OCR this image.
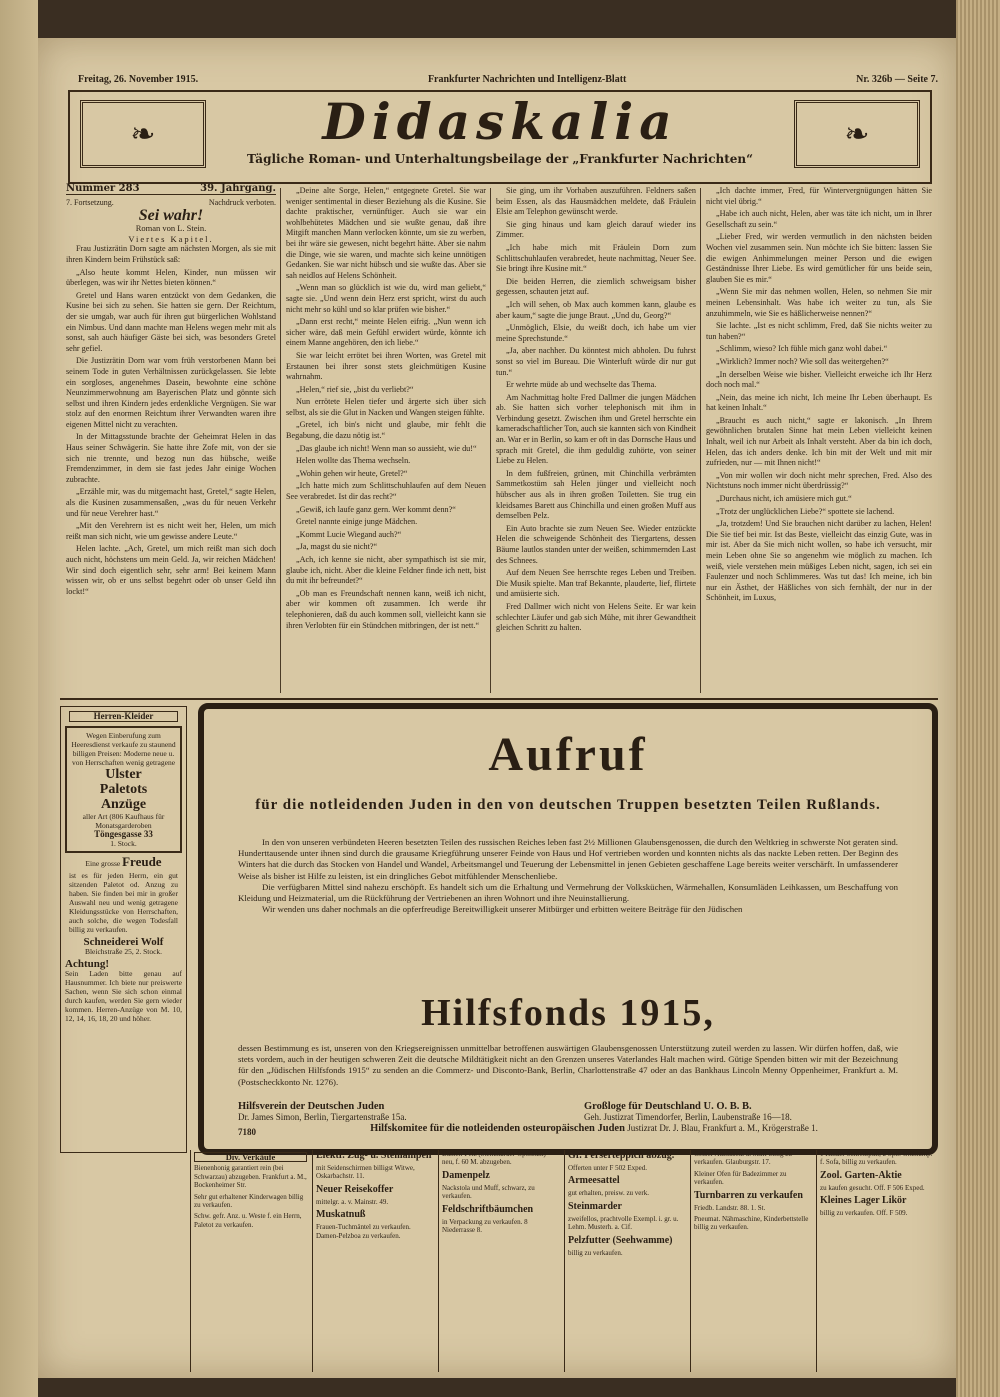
Freitag, 26. November 1915.	Frankfurter Nachrichten und Intelligenz-Blatt	Nr. 326b — Seite 7.
❧	Didaskalia
Tägliche Roman- und Unterhaltungsbeilage der „Frankfurter Nachrichten“
❧
Nummer 283	39. Jahrgang.
7. Fortsetzung.	Nachdruck verboten.
Sei wahr!
Roman von L. Stein.
Viertes Kapitel.

Frau Justizrätin Dorn sagte am nächsten Morgen, als sie mit ihren Kindern beim Frühstück saß:

„Also heute kommt Helen, Kinder, nun müssen wir überlegen, was wir ihr Nettes bieten können.“

Gretel und Hans waren entzückt von dem Gedanken, die Kusine bei sich zu sehen. Sie hatten sie gern. Der Reichtum, der sie umgab, war auch für ihren gut bürgerlichen Wohlstand ein Nimbus. Und dann machte man Helens wegen mehr mit als sonst, sah auch häufiger Gäste bei sich, was besonders Gretel sehr gefiel.

Die Justizrätin Dorn war vom früh verstorbenen Mann bei seinem Tode in guten Verhältnissen zurückgelassen. Sie lebte ein sorgloses, angenehmes Dasein, bewohnte eine schöne Neunzimmerwohnung am Bayerischen Platz und gönnte sich selbst und ihren Kindern jedes erdenkliche Vergnügen. Sie war stolz auf den enormen Reichtum ihrer Verwandten waren ihre eigenen Mittel nicht zu verachten.

In der Mittagsstunde brachte der Geheimrat Helen in das Haus seiner Schwägerin. Sie hatte ihre Zofe mit, von der sie sich nie trennte, und bezog nun das hübsche, weiße Fremdenzimmer, in dem sie fast jedes Jahr einige Wochen zubrachte.

„Erzähle mir, was du mitgemacht hast, Gretel,“ sagte Helen, als die Kusinen zusammensaßen, „was du für neuen Verkehr und für neue Verehrer hast.“

„Mit den Verehrern ist es nicht weit her, Helen, um mich reißt man sich nicht, wie um gewisse andere Leute.“

Helen lachte. „Ach, Gretel, um mich reißt man sich doch auch nicht, höchstens um mein Geld. Ja, wir reichen Mädchen! Wir sind doch eigentlich sehr, sehr arm! Bei keinem Mann wissen wir, ob er uns selbst begehrt oder ob unser Geld ihn lockt!“

„Deine alte Sorge, Helen,“ entgegnete Gretel. Sie war weniger sentimental in dieser Beziehung als die Kusine. Sie dachte praktischer, vernünftiger. Auch sie war ein wohlbehütetes Mädchen und sie wußte genau, daß ihre Mitgift manchen Mann verlocken könnte, um sie zu werben, bei ihr wäre sie gewesen, nicht begehrt hätte. Aber sie nahm die Dinge, wie sie waren, und machte sich keine unnötigen Gedanken. Sie war nicht hübsch und sie wußte das. Aber sie sah neidlos auf Helens Schönheit.

„Wenn man so glücklich ist wie du, wird man geliebt,“ sagte sie. „Und wenn dein Herz erst spricht, wirst du auch nicht mehr so kühl und so klar prüfen wie bisher.“

„Dann erst recht,“ meinte Helen eifrig. „Nun wenn ich sicher wäre, daß mein Gefühl erwidert würde, könnte ich einem Manne angehören, den ich liebe.“

Sie war leicht errötet bei ihren Worten, was Gretel mit Erstaunen bei ihrer sonst stets gleichmütigen Kusine wahrnahm.

„Helen,“ rief sie, „bist du verliebt?“

Nun errötete Helen tiefer und ärgerte sich über sich selbst, als sie die Glut in Nacken und Wangen steigen fühlte.

„Gretel, ich bin's nicht und glaube, mir fehlt die Begabung, die dazu nötig ist.“

„Das glaube ich nicht! Wenn man so aussieht, wie du!“

Helen wollte das Thema wechseln.

„Wohin gehen wir heute, Gretel?“

„Ich hatte mich zum Schlittschuhlaufen auf dem Neuen See verabredet. Ist dir das recht?“

„Gewiß, ich laufe ganz gern. Wer kommt denn?“

Gretel nannte einige junge Mädchen.

„Kommt Lucie Wiegand auch?“

„Ja, magst du sie nicht?“

„Ach, ich kenne sie nicht, aber sympathisch ist sie mir, glaube ich, nicht. Aber die kleine Feldner finde ich nett, bist du mit ihr befreundet?“

„Ob man es Freundschaft nennen kann, weiß ich nicht, aber wir kommen oft zusammen. Ich werde ihr telephonieren, daß du auch kommen soll, vielleicht kann sie ihren Verlobten für ein Stündchen mitbringen, der ist nett.“

Sie ging, um ihr Vorhaben auszuführen. Feldners saßen beim Essen, als das Hausmädchen meldete, daß Fräulein Elsie am Telephon gewünscht werde.

Sie ging hinaus und kam gleich darauf wieder ins Zimmer.

„Ich habe mich mit Fräulein Dorn zum Schlittschuhlaufen verabredet, heute nachmittag, Neuer See. Sie bringt ihre Kusine mit.“

Die beiden Herren, die ziemlich schweigsam bisher gegessen, schauten jetzt auf.

„Ich will sehen, ob Max auch kommen kann, glaube es aber kaum,“ sagte die junge Braut. „Und du, Georg?“

„Unmöglich, Elsie, du weißt doch, ich habe um vier meine Sprechstunde.“

„Ja, aber nachher. Du könntest mich abholen. Du fuhrst sonst so viel im Bureau. Die Winterluft würde dir nur gut tun.“

Er wehrte müde ab und wechselte das Thema.

Am Nachmittag holte Fred Dallmer die jungen Mädchen ab. Sie hatten sich vorher telephonisch mit ihm in Verbindung gesetzt. Zwischen ihm und Gretel herrschte ein kameradschaftlicher Ton, auch sie kannten sich von Kindheit an. War er in Berlin, so kam er oft in das Dornsche Haus und sprach mit Gretel, die ihm geduldig zuhörte, von seiner Liebe zu Helen.

In dem fußfreien, grünen, mit Chinchilla verbrämten Sammetkostüm sah Helen jünger und vielleicht noch hübscher aus als in ihren großen Toiletten. Sie trug ein kleidsames Barett aus Chinchilla und einen großen Muff aus demselben Pelz.

Ein Auto brachte sie zum Neuen See. Wieder entzückte Helen die schweigende Schönheit des Tiergartens, dessen Bäume lautlos standen unter der weißen, schimmernden Last des Schnees.

Auf dem Neuen See herrschte reges Leben und Treiben. Die Musik spielte. Man traf Bekannte, plauderte, lief, flirtete und amüsierte sich.

Fred Dallmer wich nicht von Helens Seite. Er war kein schlechter Läufer und gab sich Mühe, mit ihrer Gewandtheit gleichen Schritt zu halten.

„Ich dachte immer, Fred, für Wintervergnügungen hätten Sie nicht viel übrig.“

„Habe ich auch nicht, Helen, aber was täte ich nicht, um in Ihrer Gesellschaft zu sein.“

„Lieber Fred, wir werden vermutlich in den nächsten beiden Wochen viel zusammen sein. Nun möchte ich Sie bitten: lassen Sie die ewigen Anhimmelungen meiner Person und die ewigen Geständnisse Ihrer Liebe. Es wird gemütlicher für uns beide sein, glauben Sie es mir.“

„Wenn Sie mir das nehmen wollen, Helen, so nehmen Sie mir meinen Lebensinhalt. Was habe ich weiter zu tun, als Sie anzuhimmeln, wie Sie es häßlicherweise nennen?“

Sie lachte. „Ist es nicht schlimm, Fred, daß Sie nichts weiter zu tun haben?“

„Schlimm, wieso? Ich fühle mich ganz wohl dabei.“

„Wirklich? Immer noch? Wie soll das weitergehen?“

„In derselben Weise wie bisher. Vielleicht erweiche ich Ihr Herz doch noch mal.“

„Nein, das meine ich nicht, Ich meine Ihr Leben überhaupt. Es hat keinen Inhalt.“

„Braucht es auch nicht,“ sagte er lakonisch. „In Ihrem gewöhnlichen brutalen Sinne hat mein Leben vielleicht keinen Inhalt, weil ich nur Arbeit als Inhalt versteht. Aber da bin ich doch, Helen, das ich anders denke. Ich bin mit der Welt und mit mir zufrieden, nur — mit Ihnen nicht!“

„Von mir wollen wir doch nicht mehr sprechen, Fred. Also des Nichtstuns noch immer nicht überdrüssig?“

„Durchaus nicht, ich amüsiere mich gut.“

„Trotz der unglücklichen Liebe?“ spottete sie lachend.

„Ja, trotzdem! Und Sie brauchen nicht darüber zu lachen, Helen! Die Sie tief bei mir. Ist das Beste, vielleicht das einzig Gute, was in mir ist. Aber da Sie mich nicht wollen, so habe ich versucht, mir mein Leben ohne Sie so angenehm wie möglich zu machen. Ich weiß, viele verstehen mein müßiges Leben nicht, sagen, ich sei ein Faulenzer und noch Schlimmeres. Was tut das! Ich meine, ich bin nur ein Ästhet, der Häßliches von sich fernhält, der nur in der Schönheit, im Luxus,

Herren-Kleider
Wegen Einberufung zum Heeresdienst verkaufe zu staunend billigen Preisen: Moderne neue u. von Herrschaften wenig getragene
Ulster
Paletots
Anzüge
aller Art (806 Kaufhaus für Monatsgarderoben
Töngesgasse 33
1. Stock.
Eine grosse Freude
ist es für jeden Herrn, ein gut sitzenden Paletot od. Anzug zu haben. Sie finden bei mir in großer Auswahl neu und wenig getragene Kleidungsstücke von Herrschaften, auch solche, die wegen Todesfall billig zu verkaufen.
Schneiderei Wolf
Bleichstraße 25, 2. Stock.
Achtung!
Sein Laden bitte genau auf Hausnummer. Ich biete nur preiswerte Sachen, wenn Sie sich schon einmal durch kaufen, werden Sie gern wieder kommen. Herren-Anzüge von M. 10, 12, 14, 16, 18, 20 und höher.
Aufruf
für die notleidenden Juden in den von deutschen Truppen besetzten Teilen Rußlands.

In den von unseren verbündeten Heeren besetzten Teilen des russischen Reiches leben fast 2½ Millionen Glaubensgenossen, die durch den Weltkrieg in schwerste Not geraten sind. Hunderttausende unter ihnen sind durch die grausame Kriegführung unserer Feinde von Haus und Hof vertrieben worden und konnten nichts als das nackte Leben retten. Der Beginn des Winters hat die durch das Stocken von Handel und Wandel, Arbeitsmangel und Teuerung der Lebensmittel in jenen Gebieten geschaffene Lage bereits weiter verschärft. In umfassenderer Weise als bisher ist Hilfe zu leisten, ist ein dringliches Gebot mitfühlender Menschenliebe.

Die verfügbaren Mittel sind nahezu erschöpft. Es handelt sich um die Erhaltung und Vermehrung der Volksküchen, Wärmehallen, Konsumläden Leihkassen, um Beschaffung von Kleidung und Heizmaterial, um die Rückführung der Vertriebenen an ihren Wohnort und ihre Neuinstallierung.

Wir wenden uns daher nochmals an die opferfreudige Bereitwilligkeit unserer Mitbürger und erbitten weitere Beiträge für den Jüdischen

Hilfsfonds 1915,

dessen Bestimmung es ist, unseren von den Kriegsereignissen unmittelbar betroffenen auswärtigen Glaubensgenossen Unterstützung zuteil werden zu lassen. Wir dürfen hoffen, daß, wie stets vordem, auch in der heutigen schweren Zeit die deutsche Mildtätigkeit nicht an den Grenzen unseres Vaterlandes Halt machen wird. Gütige Spenden bitten wir mit der Bezeichnung für den „Jüdischen Hilfsfonds 1915“ zu senden an die Commerz- und Disconto-Bank, Berlin, Charlottenstraße 47 oder an das Bankhaus Lincoln Menny Oppenheimer, Frankfurt a. M. (Postscheckkonto Nr. 1276).

Hilfsverein der Deutschen Juden
Dr. James Simon, Berlin, Tiergartenstraße 15a.
Großloge für Deutschland U. O. B. B.
Geh. Justizrat Timendorfer, Berlin, Laubenstraße 16—18.
Hilfskomitee für die notleidenden osteuropäischen Juden Justizrat Dr. J. Blau, Frankfurt a. M., Krögerstraße 1.
7180
Div. Verkäufe
Bienenhonig garantiert rein (bei Schwarzau) abzugeben. Frankfurt a. M., Bockenheimer Str.
Sehr gut erhaltener Kinderwagen billig zu verkaufen.
Schw. gefr. Anz. u. Weste f. ein Herrn, Paletot zu verkaufen.
Elektr. Zug- u. Stehlampen
mit Seidenschirmen billigst Witwe, Oskarbachstr. 11.
Neuer Reisekoffer
mittelgr. a. v. Mainstr. 49.
Muskatnuß
Frauen-Tuchmäntel zu verkaufen. Damen-Pelzboa zu verkaufen.
Damen-Pelz (Steinmarder-Opossum) neu, f. 60 M. abzugeben.
Damenpelz
Nackstola und Muff, schwarz, zu verkaufen.
Feldschriftbäumchen
in Verpackung zu verkaufen. 8 Niederrasse 8.
Gr. Perserteppich abzug.
Offerten unter F 502 Exped.
Armeesattel
gut erhalten, preisw. zu verk.
Steinmarder
zweifellos, prachtvolle Exempl. i. gr. u. Lehm. Musterh. a. Cif.
Pelzfutter (Seehwamme)
billig zu verkaufen.
Gelber Auchsbeiz u. Muff billig zu verkaufen. Glauburgstr. 17.
Kleiner Ofen für Badezimmer zu verkaufen.
Turnbarren zu verkaufen
Friedb. Landstr. 88. 1. St.
Pneumat. Nähmaschine, Kinderbettstelle billig zu verkaufen.
1 Kinder-Schreibpult, 2 Spir. Glühlamp. f. Sofa, billig zu verkaufen.
Zool. Garten-Aktie
zu kaufen gesucht. Off. F 506 Exped.
Kleines Lager Likör
billig zu verkaufen. Off. F 509.
